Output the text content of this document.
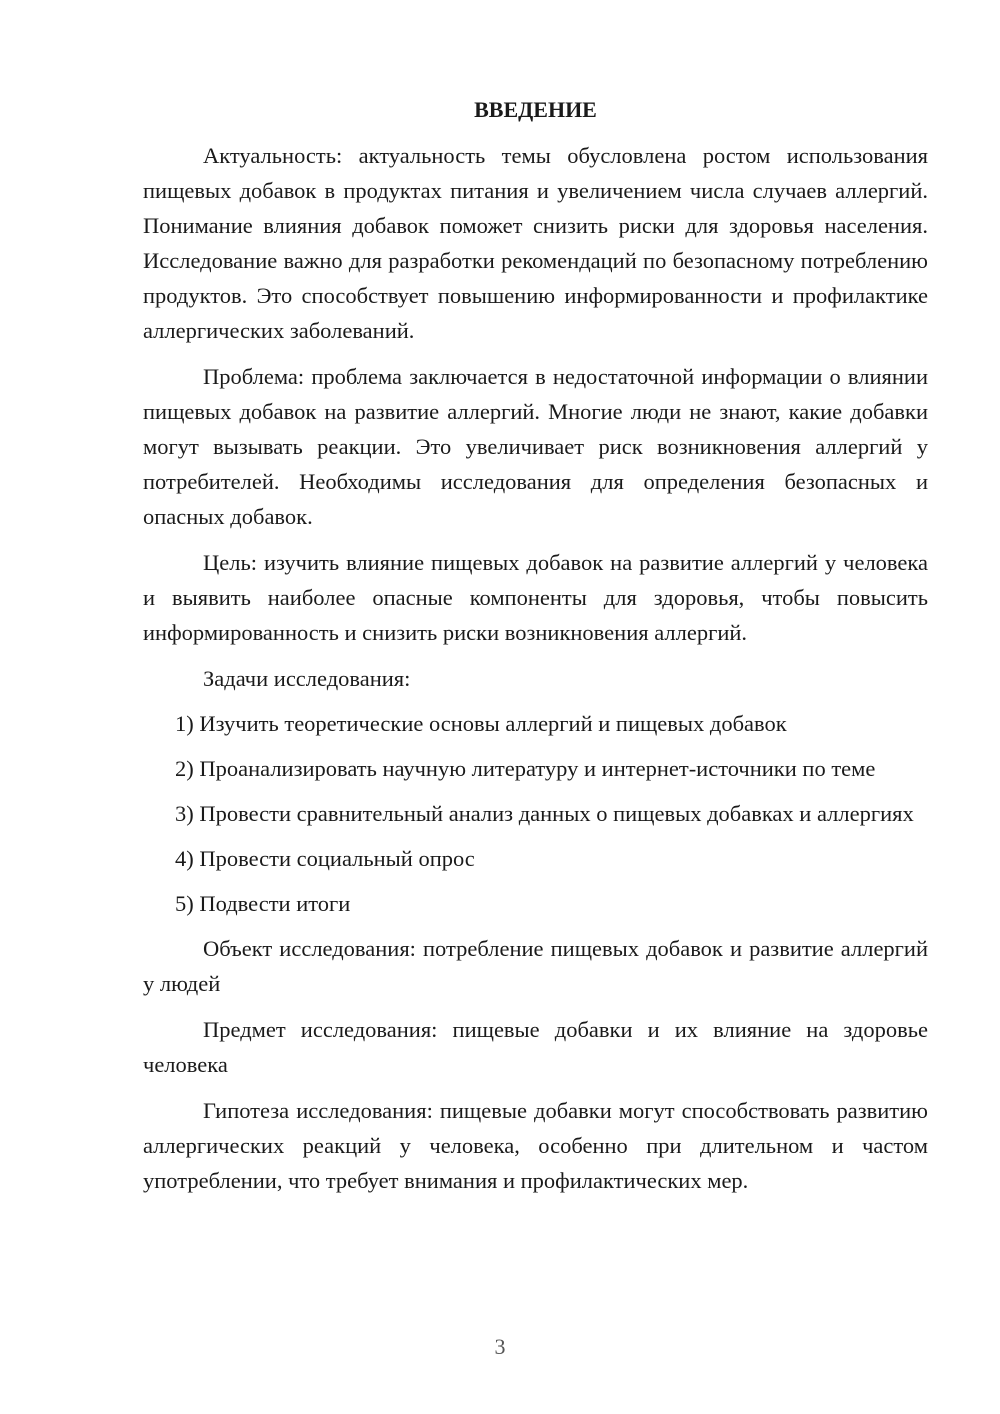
ВВЕДЕНИЕ

Актуальность: актуальность темы обусловлена ростом использования пищевых добавок в продуктах питания и увеличением числа случаев аллергий. Понимание влияния добавок поможет снизить риски для здоровья населения. Исследование важно для разработки рекомендаций по безопасному потреблению продуктов. Это способствует повышению информированности и профилактике аллергических заболеваний.

Проблема: проблема заключается в недостаточной информации о влиянии пищевых добавок на развитие аллергий. Многие люди не знают, какие добавки могут вызывать реакции. Это увеличивает риск возникновения аллергий у потребителей. Необходимы исследования для определения безопасных и опасных добавок.

Цель: изучить влияние пищевых добавок на развитие аллергий у человека и выявить наиболее опасные компоненты для здоровья, чтобы повысить информированность и снизить риски возникновения аллергий.

Задачи исследования:

1) Изучить теоретические основы аллергий и пищевых добавок

2) Проанализировать научную литературу и интернет-источники по теме

3) Провести сравнительный анализ данных о пищевых добавках и аллергиях

4) Провести социальный опрос

5) Подвести итоги

Объект исследования: потребление пищевых добавок и развитие аллергий у людей

Предмет исследования: пищевые добавки и их влияние на здоровье человека

Гипотеза исследования: пищевые добавки могут способствовать развитию аллергических реакций у человека, особенно при длительном и частом употреблении, что требует внимания и профилактических мер.

3
